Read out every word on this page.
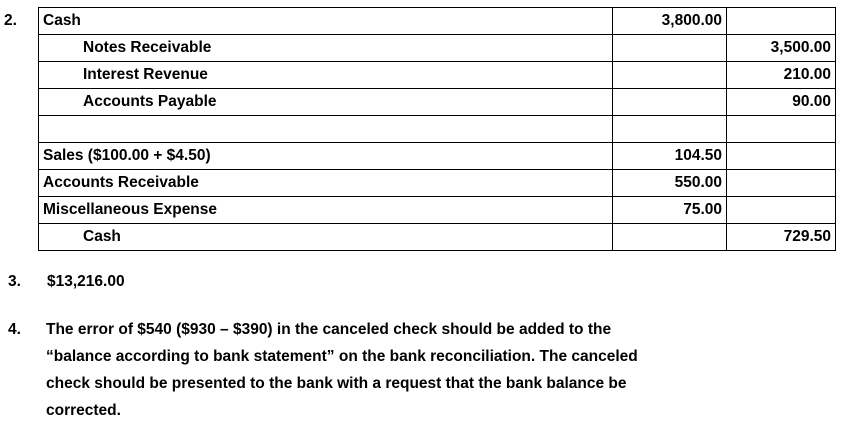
2. Cash	3,800.00	
Notes Receivable		3,500.00
Interest Revenue		210.00
Accounts Payable		90.00

Sales ($100.00 + $4.50)	104.50	
Accounts Receivable	550.00	
Miscellaneous Expense	75.00	
Cash		729.50
3. $13,216.00
4. The error of $540 ($930 – $390) in the canceled check should be added to the
“balance according to bank statement” on the bank reconciliation. The canceled
check should be presented to the bank with a request that the bank balance be
corrected.
